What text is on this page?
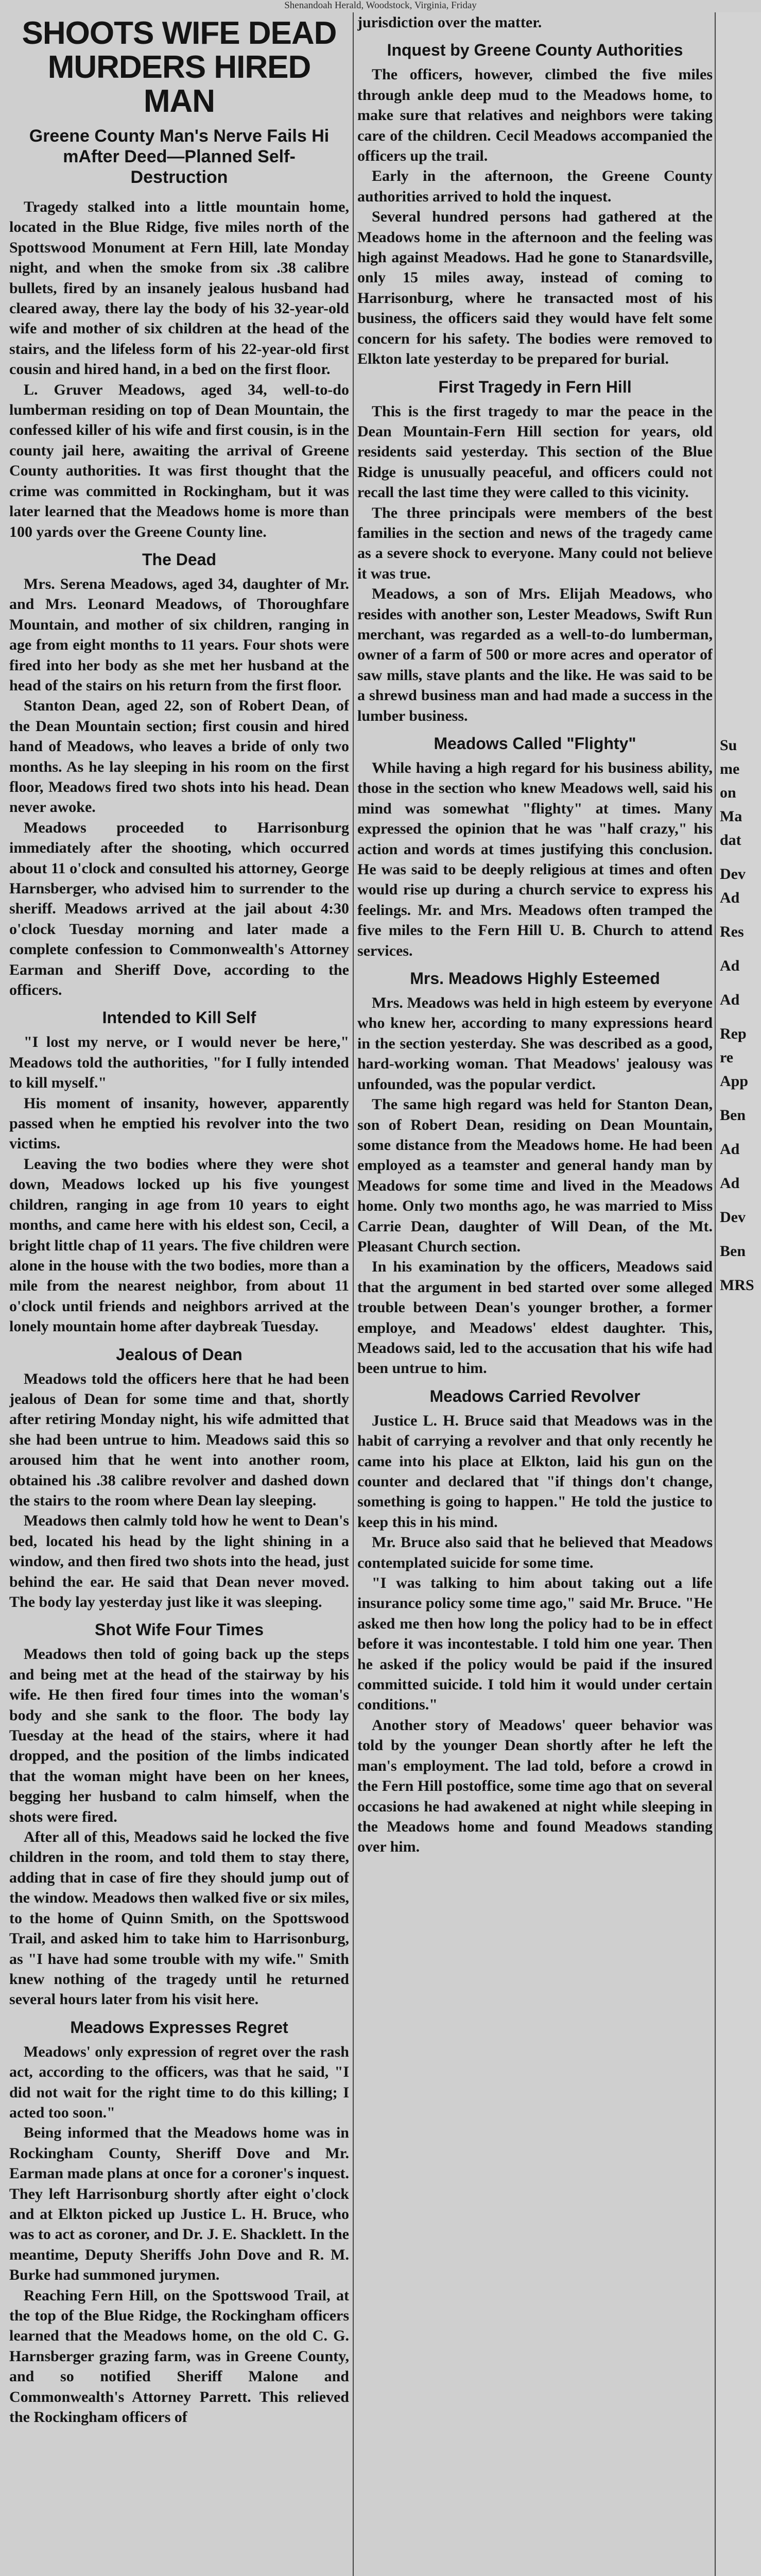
Shenandoah Herald, Woodstock, Virginia, Friday
SHOOTS WIFE DEAD MURDERS HIRED MAN
Greene County Man's Nerve Fails Hi mAfter Deed—Planned Self-Destruction

Tragedy stalked into a little mountain home, located in the Blue Ridge, five miles north of the Spottswood Monument at Fern Hill, late Monday night, and when the smoke from six .38 calibre bullets, fired by an insanely jealous husband had cleared away, there lay the body of his 32-year-old wife and mother of six children at the head of the stairs, and the lifeless form of his 22-year-old first cousin and hired hand, in a bed on the first floor.

L. Gruver Meadows, aged 34, well-to-do lumberman residing on top of Dean Mountain, the confessed killer of his wife and first cousin, is in the county jail here, awaiting the arrival of Greene County authorities. It was first thought that the crime was committed in Rockingham, but it was later learned that the Meadows home is more than 100 yards over the Greene County line.

The Dead

Mrs. Serena Meadows, aged 34, daughter of Mr. and Mrs. Leonard Meadows, of Thoroughfare Mountain, and mother of six children, ranging in age from eight months to 11 years. Four shots were fired into her body as she met her husband at the head of the stairs on his return from the first floor.

Stanton Dean, aged 22, son of Robert Dean, of the Dean Mountain section; first cousin and hired hand of Meadows, who leaves a bride of only two months. As he lay sleeping in his room on the first floor, Meadows fired two shots into his head. Dean never awoke.

Meadows proceeded to Harrisonburg immediately after the shooting, which occurred about 11 o'clock and consulted his attorney, George Harnsberger, who advised him to surrender to the sheriff. Meadows arrived at the jail about 4:30 o'clock Tuesday morning and later made a complete confession to Commonwealth's Attorney Earman and Sheriff Dove, according to the officers.

Intended to Kill Self

"I lost my nerve, or I would never be here," Meadows told the authorities, "for I fully intended to kill myself."

His moment of insanity, however, apparently passed when he emptied his revolver into the two victims.

Leaving the two bodies where they were shot down, Meadows locked up his five youngest children, ranging in age from 10 years to eight months, and came here with his eldest son, Cecil, a bright little chap of 11 years. The five children were alone in the house with the two bodies, more than a mile from the nearest neighbor, from about 11 o'clock until friends and neighbors arrived at the lonely mountain home after daybreak Tuesday.

Jealous of Dean

Meadows told the officers here that he had been jealous of Dean for some time and that, shortly after retiring Monday night, his wife admitted that she had been untrue to him. Meadows said this so aroused him that he went into another room, obtained his .38 calibre revolver and dashed down the stairs to the room where Dean lay sleeping.

Meadows then calmly told how he went to Dean's bed, located his head by the light shining in a window, and then fired two shots into the head, just behind the ear. He said that Dean never moved. The body lay yesterday just like it was sleeping.

Shot Wife Four Times

Meadows then told of going back up the steps and being met at the head of the stairway by his wife. He then fired four times into the woman's body and she sank to the floor. The body lay Tuesday at the head of the stairs, where it had dropped, and the position of the limbs indicated that the woman might have been on her knees, begging her husband to calm himself, when the shots were fired.

After all of this, Meadows said he locked the five children in the room, and told them to stay there, adding that in case of fire they should jump out of the window. Meadows then walked five or six miles, to the home of Quinn Smith, on the Spottswood Trail, and asked him to take him to Harrisonburg, as "I have had some trouble with my wife." Smith knew nothing of the tragedy until he returned several hours later from his visit here.

Meadows Expresses Regret

Meadows' only expression of regret over the rash act, according to the officers, was that he said, "I did not wait for the right time to do this killing; I acted too soon."

Being informed that the Meadows home was in Rockingham County, Sheriff Dove and Mr. Earman made plans at once for a coroner's inquest. They left Harrisonburg shortly after eight o'clock and at Elkton picked up Justice L. H. Bruce, who was to act as coroner, and Dr. J. E. Shacklett. In the meantime, Deputy Sheriffs John Dove and R. M. Burke had summoned jurymen.

Reaching Fern Hill, on the Spottswood Trail, at the top of the Blue Ridge, the Rockingham officers learned that the Meadows home, on the old C. G. Harnsberger grazing farm, was in Greene County, and so notified Sheriff Malone and Commonwealth's Attorney Parrett. This relieved the Rockingham officers of

jurisdiction over the matter.

Inquest by Greene County Authorities

The officers, however, climbed the five miles through ankle deep mud to the Meadows home, to make sure that relatives and neighbors were taking care of the children. Cecil Meadows accompanied the officers up the trail.

Early in the afternoon, the Greene County authorities arrived to hold the inquest.

Several hundred persons had gathered at the Meadows home in the afternoon and the feeling was high against Meadows. Had he gone to Stanardsville, only 15 miles away, instead of coming to Harrisonburg, where he transacted most of his business, the officers said they would have felt some concern for his safety. The bodies were removed to Elkton late yesterday to be prepared for burial.

First Tragedy in Fern Hill

This is the first tragedy to mar the peace in the Dean Mountain-Fern Hill section for years, old residents said yesterday. This section of the Blue Ridge is unusually peaceful, and officers could not recall the last time they were called to this vicinity.

The three principals were members of the best families in the section and news of the tragedy came as a severe shock to everyone. Many could not believe it was true.

Meadows, a son of Mrs. Elijah Meadows, who resides with another son, Lester Meadows, Swift Run merchant, was regarded as a well-to-do lumberman, owner of a farm of 500 or more acres and operator of saw mills, stave plants and the like. He was said to be a shrewd business man and had made a success in the lumber business.

Meadows Called "Flighty"

While having a high regard for his business ability, those in the section who knew Meadows well, said his mind was somewhat "flighty" at times. Many expressed the opinion that he was "half crazy," his action and words at times justifying this conclusion. He was said to be deeply religious at times and often would rise up during a church service to express his feelings. Mr. and Mrs. Meadows often tramped the five miles to the Fern Hill U. B. Church to attend services.

Mrs. Meadows Highly Esteemed

Mrs. Meadows was held in high esteem by everyone who knew her, according to many expressions heard in the section yesterday. She was described as a good, hard-working woman. That Meadows' jealousy was unfounded, was the popular verdict.

The same high regard was held for Stanton Dean, son of Robert Dean, residing on Dean Mountain, some distance from the Meadows home. He had been employed as a teamster and general handy man by Meadows for some time and lived in the Meadows home. Only two months ago, he was married to Miss Carrie Dean, daughter of Will Dean, of the Mt. Pleasant Church section.

In his examination by the officers, Meadows said that the argument in bed started over some alleged trouble between Dean's younger brother, a former employe, and Meadows' eldest daughter. This, Meadows said, led to the accusation that his wife had been untrue to him.

Meadows Carried Revolver

Justice L. H. Bruce said that Meadows was in the habit of carrying a revolver and that only recently he came into his place at Elkton, laid his gun on the counter and declared that "if things don't change, something is going to happen." He told the justice to keep this in his mind.

Mr. Bruce also said that he believed that Meadows contemplated suicide for some time.

"I was talking to him about taking out a life insurance policy some time ago," said Mr. Bruce. "He asked me then how long the policy had to be in effect before it was incontestable. I told him one year. Then he asked if the policy would be paid if the insured committed suicide. I told him it would under certain conditions."

Another story of Meadows' queer behavior was told by the younger Dean shortly after he left the man's employment. The lad told, before a crowd in the Fern Hill postoffice, some time ago that on several occasions he had awakened at night while sleeping in the Meadows home and found Meadows standing over him.

Su
me
on
Ma
dat
Dev
Ad
Res
Ad
Ad
Rep
re
App
Ben
Ad
Ad
Dev
Ben
MRS
